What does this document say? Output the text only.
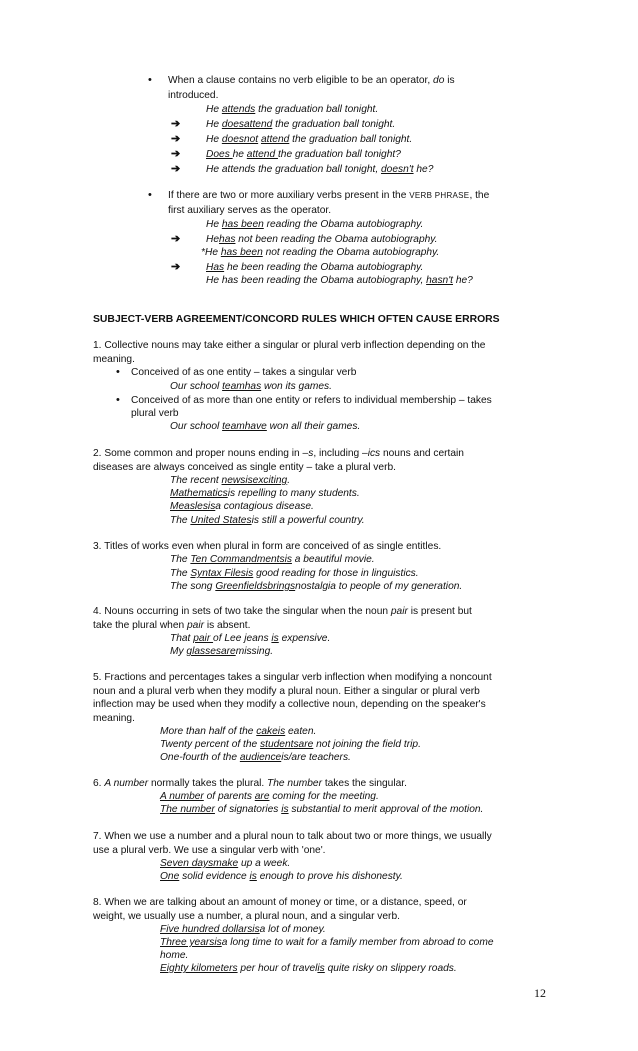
• When a clause contains no verb eligible to be an operator, do is
introduced.
He attends the graduation ball tonight.
➔	He doesattend the graduation ball tonight.
➔	He doesnot attend the graduation ball tonight.
➔	Does he attend the graduation ball tonight?
➔	He attends the graduation ball tonight, doesn't he?
• If there are two or more auxiliary verbs present in the VERB PHRASE, the
first auxiliary serves as the operator.
He has been reading the Obama autobiography.
➔	Hehas not been reading the Obama autobiography.
*He has been not reading the Obama autobiography.
➔	Has he been reading the Obama autobiography.
He has been reading the Obama autobiography, hasn't he?
SUBJECT-VERB AGREEMENT/CONCORD RULES WHICH OFTEN CAUSE ERRORS
1. Collective nouns may take either a singular or plural verb inflection depending on the
meaning.
• Conceived of as one entity – takes a singular verb
Our school teamhas won its games.
• Conceived of as more than one entity or refers to individual membership – takes
plural verb
Our school teamhave won all their games.
2. Some common and proper nouns ending in –s, including –ics nouns and certain
diseases are always conceived as single entity – take a plural verb.
The recent newsisexciting.
Mathematicsis repelling to many students.
Measlesisa contagious disease.
The United Statesis still a powerful country.
3. Titles of works even when plural in form are conceived of as single entitles.
The Ten Commandmentsis a beautiful movie.
The Syntax Filesis good reading for those in linguistics.
The song Greenfieldsbringsnostalgia to people of my generation.
4. Nouns occurring in sets of two take the singular when the noun pair is present but
take the plural when pair is absent.
That pair of Lee jeans is expensive.
My glassesaremissing.
5. Fractions and percentages takes a singular verb inflection when modifying a noncount
noun and a plural verb when they modify a plural noun. Either a singular or plural verb
inflection may be used when they modify a collective noun, depending on the speaker's
meaning.
More than half of the cakeis eaten.
Twenty percent of the studentsare not joining the field trip.
One-fourth of the audienceis/are teachers.
6. A number normally takes the plural. The number takes the singular.
A number of parents are coming for the meeting.
The number of signatories is substantial to merit approval of the motion.
7. When we use a number and a plural noun to talk about two or more things, we usually
use a plural verb. We use a singular verb with 'one'.
Seven daysmake up a week.
One solid evidence is enough to prove his dishonesty.
8. When we are talking about an amount of money or time, or a distance, speed, or
weight, we usually use a number, a plural noun, and a singular verb.
Five hundred dollarsisa lot of money.
Three yearsisa long time to wait for a family member from abroad to come
home.
Eighty kilometers per hour of travelis quite risky on slippery roads.
12
